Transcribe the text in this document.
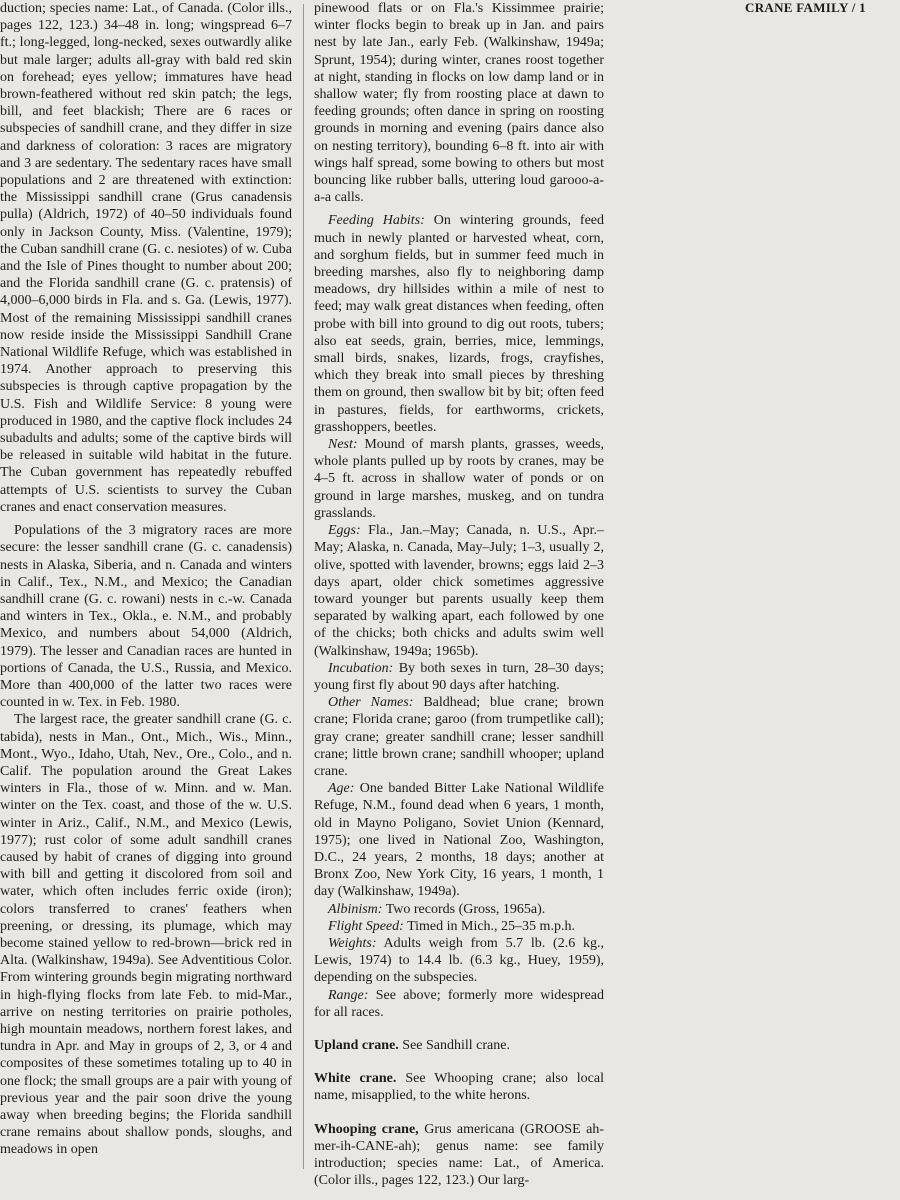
CRANE FAMILY / 1

duction; species name: Lat., of Canada. (Color ills., pages 122, 123.) 34–48 in. long; wingspread 6–7 ft.; long-legged, long-necked, sexes outwardly alike but male larger; adults all-gray with bald red skin on forehead; eyes yellow; immatures have head brown-feathered without red skin patch; the legs, bill, and feet blackish; There are 6 races or subspecies of sandhill crane, and they differ in size and darkness of coloration: 3 races are migratory and 3 are sedentary. The sedentary races have small populations and 2 are threatened with extinction: the Mississippi sandhill crane (Grus canadensis pulla) (Aldrich, 1972) of 40–50 individuals found only in Jackson County, Miss. (Valentine, 1979); the Cuban sandhill crane (G. c. nesiotes) of w. Cuba and the Isle of Pines thought to number about 200; and the Florida sandhill crane (G. c. pratensis) of 4,000–6,000 birds in Fla. and s. Ga. (Lewis, 1977). Most of the remaining Mississippi sandhill cranes now reside inside the Mississippi Sandhill Crane National Wildlife Refuge, which was established in 1974. Another approach to preserving this subspecies is through captive propagation by the U.S. Fish and Wildlife Service: 8 young were produced in 1980, and the captive flock includes 24 subadults and adults; some of the captive birds will be released in suitable wild habitat in the future. The Cuban government has repeatedly rebuffed attempts of U.S. scientists to survey the Cuban cranes and enact conservation measures.

Populations of the 3 migratory races are more secure: the lesser sandhill crane (G. c. canadensis) nests in Alaska, Siberia, and n. Canada and winters in Calif., Tex., N.M., and Mexico; the Canadian sandhill crane (G. c. rowani) nests in c.-w. Canada and winters in Tex., Okla., e. N.M., and probably Mexico, and numbers about 54,000 (Aldrich, 1979). The lesser and Canadian races are hunted in portions of Canada, the U.S., Russia, and Mexico. More than 400,000 of the latter two races were counted in w. Tex. in Feb. 1980.

The largest race, the greater sandhill crane (G. c. tabida), nests in Man., Ont., Mich., Wis., Minn., Mont., Wyo., Idaho, Utah, Nev., Ore., Colo., and n. Calif. The population around the Great Lakes winters in Fla., those of w. Minn. and w. Man. winter on the Tex. coast, and those of the w. U.S. winter in Ariz., Calif., N.M., and Mexico (Lewis, 1977); rust color of some adult sandhill cranes caused by habit of cranes of digging into ground with bill and getting it discolored from soil and water, which often includes ferric oxide (iron); colors transferred to cranes' feathers when preening, or dressing, its plumage, which may become stained yellow to red-brown—brick red in Alta. (Walkinshaw, 1949a). See Adventitious Color. From wintering grounds begin migrating northward in high-flying flocks from late Feb. to mid-Mar., arrive on nesting territories on prairie potholes, high mountain meadows, northern forest lakes, and tundra in Apr. and May in groups of 2, 3, or 4 and composites of these sometimes totaling up to 40 in one flock; the small groups are a pair with young of previous year and the pair soon drive the young away when breeding begins; the Florida sandhill crane remains about shallow ponds, sloughs, and meadows in open

pinewood flats or on Fla.'s Kissimmee prairie; winter flocks begin to break up in Jan. and pairs nest by late Jan., early Feb. (Walkinshaw, 1949a; Sprunt, 1954); during winter, cranes roost together at night, standing in flocks on low damp land or in shallow water; fly from roosting place at dawn to feeding grounds; often dance in spring on roosting grounds in morning and evening (pairs dance also on nesting territory), bounding 6–8 ft. into air with wings half spread, some bowing to others but most bouncing like rubber balls, uttering loud garooo-a-a-a calls.

Feeding Habits: On wintering grounds, feed much in newly planted or harvested wheat, corn, and sorghum fields, but in summer feed much in breeding marshes, also fly to neighboring damp meadows, dry hillsides within a mile of nest to feed; may walk great distances when feeding, often probe with bill into ground to dig out roots, tubers; also eat seeds, grain, berries, mice, lemmings, small birds, snakes, lizards, frogs, crayfishes, which they break into small pieces by threshing them on ground, then swallow bit by bit; often feed in pastures, fields, for earthworms, crickets, grasshoppers, beetles.

Nest: Mound of marsh plants, grasses, weeds, whole plants pulled up by roots by cranes, may be 4–5 ft. across in shallow water of ponds or on ground in large marshes, muskeg, and on tundra grasslands.

Eggs: Fla., Jan.–May; Canada, n. U.S., Apr.–May; Alaska, n. Canada, May–July; 1–3, usually 2, olive, spotted with lavender, browns; eggs laid 2–3 days apart, older chick sometimes aggressive toward younger but parents usually keep them separated by walking apart, each followed by one of the chicks; both chicks and adults swim well (Walkinshaw, 1949a; 1965b).

Incubation: By both sexes in turn, 28–30 days; young first fly about 90 days after hatching.

Other Names: Baldhead; blue crane; brown crane; Florida crane; garoo (from trumpetlike call); gray crane; greater sandhill crane; lesser sandhill crane; little brown crane; sandhill whooper; upland crane.

Age: One banded Bitter Lake National Wildlife Refuge, N.M., found dead when 6 years, 1 month, old in Mayno Poligano, Soviet Union (Kennard, 1975); one lived in National Zoo, Washington, D.C., 24 years, 2 months, 18 days; another at Bronx Zoo, New York City, 16 years, 1 month, 1 day (Walkinshaw, 1949a).

Albinism: Two records (Gross, 1965a).

Flight Speed: Timed in Mich., 25–35 m.p.h.

Weights: Adults weigh from 5.7 lb. (2.6 kg., Lewis, 1974) to 14.4 lb. (6.3 kg., Huey, 1959), depending on the subspecies.

Range: See above; formerly more widespread for all races.

Upland crane. See Sandhill crane.

White crane. See Whooping crane; also local name, misapplied, to the white herons.

Whooping crane, Grus americana (GROOSE ah-mer-ih-CANE-ah); genus name: see family introduction; species name: Lat., of America. (Color ills., pages 122, 123.) Our larg-
